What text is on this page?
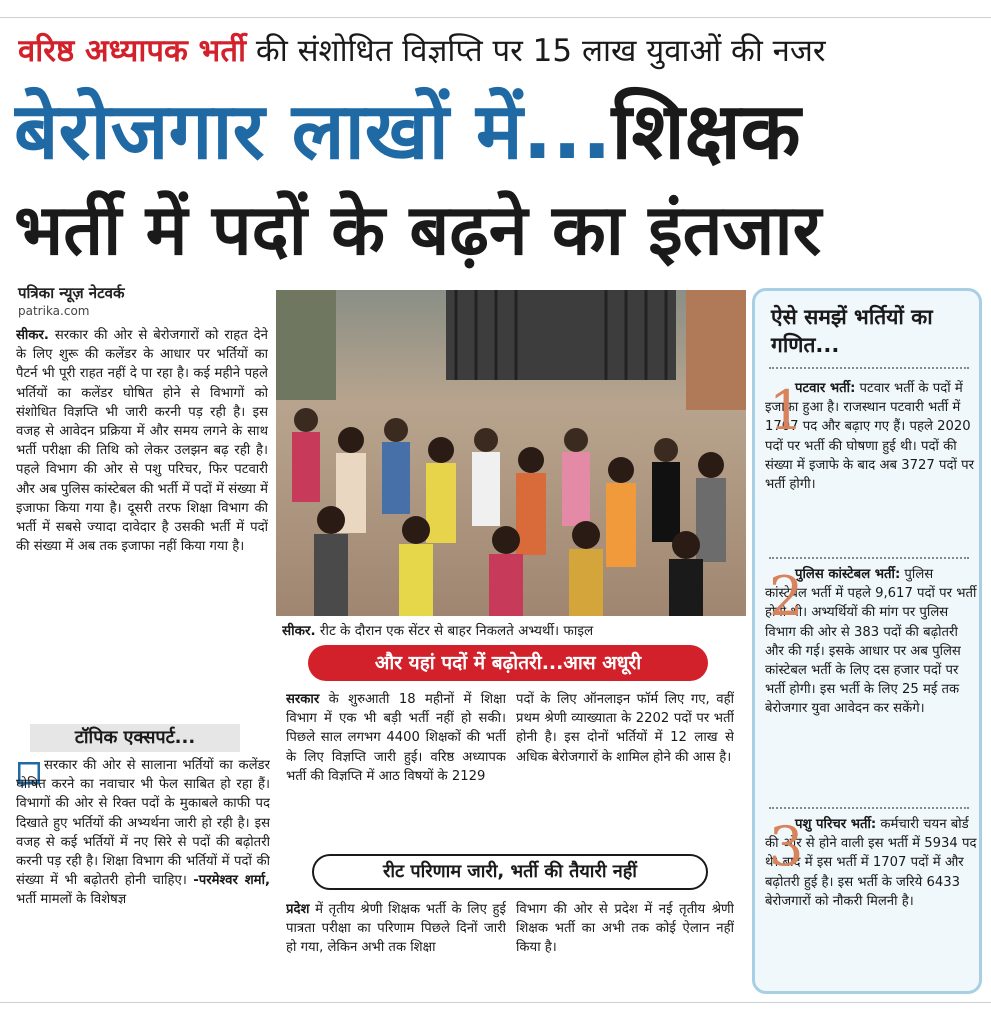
वरिष्ठ अध्यापक भर्ती की संशोधित विज्ञप्ति पर 15 लाख युवाओं की नजर
बेरोजगार लाखों में...शिक्षक
भर्ती में पदों के बढ़ने का इंतजार
पत्रिका न्यूज़ नेटवर्क
patrika.com
सीकर. सरकार की ओर से बेरोजगारों को राहत देने के लिए शुरू की कलेंडर के आधार पर भर्तियों का पैटर्न भी पूरी राहत नहीं दे पा रहा है। कई महीने पहले भर्तियों का कलेंडर घोषित होने से विभागों को संशोधित विज्ञप्ति भी जारी करनी पड़ रही है। इस वजह से आवेदन प्रक्रिया में और समय लगने के साथ भर्ती परीक्षा की तिथि को लेकर उलझन बढ़ रही है। पहले विभाग की ओर से पशु परिचर, फिर पटवारी और अब पुलिस कांस्टेबल की भर्ती में पदों में संख्या में इजाफा किया गया है। दूसरी तरफ शिक्षा विभाग की भर्ती में सबसे ज्यादा दावेदार है उसकी भर्ती में पदों की संख्या में अब तक इजाफा नहीं किया गया है।
टॉपिक एक्सपर्ट...
सरकार की ओर से सालाना भर्तियों का कलेंडर घोषित करने का नवाचार भी फेल साबित हो रहा हैं। विभागों की ओर से रिक्त पदों के मुकाबले काफी पद दिखाते हुए भर्तियों की अभ्यर्थना जारी हो रही है। इस वजह से कई भर्तियों में नए सिरे से पदों की बढ़ोतरी करनी पड़ रही है। शिक्षा विभाग की भर्तियों में पदों की संख्या में भी बढ़ोतरी होनी चाहिए। -परमेश्वर शर्मा, भर्ती मामलों के विशेषज्ञ
सीकर. रीट के दौरान एक सेंटर से बाहर निकलते अभ्यर्थी। फाइल
और यहां पदों में बढ़ोतरी...आस अधूरी
सरकार के शुरुआती 18 महीनों में शिक्षा विभाग में एक भी बड़ी भर्ती नहीं हो सकी। पिछले साल लगभग 4400 शिक्षकों की भर्ती के लिए विज्ञप्ति जारी हुई। वरिष्ठ अध्यापक भर्ती की विज्ञप्ति में आठ विषयों के 2129
पदों के लिए ऑनलाइन फॉर्म लिए गए, वहीं प्रथम श्रेणी व्याख्याता के 2202 पदों पर भर्ती होनी है। इस दोनों भर्तियों में 12 लाख से अधिक बेरोजगारों के शामिल होने की आस है।
रीट परिणाम जारी, भर्ती की तैयारी नहीं
प्रदेश में तृतीय श्रेणी शिक्षक भर्ती के लिए हुई पात्रता परीक्षा का परिणाम पिछले दिनों जारी हो गया, लेकिन अभी तक शिक्षा
विभाग की ओर से प्रदेश में नई तृतीय श्रेणी शिक्षक भर्ती का अभी तक कोई ऐलान नहीं किया है।
ऐसे समझें भर्तियों का गणित...
1
पटवार भर्ती: पटवार भर्ती के पदों में इजाफा हुआ है। राजस्थान पटवारी भर्ती में 1707 पद और बढ़ाए गए हैं। पहले 2020 पदों पर भर्ती की घोषणा हुई थी। पदों की संख्या में इजाफे के बाद अब 3727 पदों पर भर्ती होगी।
2
पुलिस कांस्टेबल भर्ती: पुलिस कांस्टेबल भर्ती में पहले 9,617 पदों पर भर्ती होनी थी। अभ्यर्थियों की मांग पर पुलिस विभाग की ओर से 383 पदों की बढ़ोतरी और की गई। इसके आधार पर अब पुलिस कांस्टेबल भर्ती के लिए दस हजार पदों पर भर्ती होगी। इस भर्ती के लिए 25 मई तक बेरोजगार युवा आवेदन कर सकेंगे।
3
पशु परिचर भर्ती: कर्मचारी चयन बोर्ड की ओर से होने वाली इस भर्ती में 5934 पद थे। बाद में इस भर्ती में 1707 पदों में और बढ़ोतरी हुई है। इस भर्ती के जरिये 6433 बेरोजगारों को नौकरी मिलनी है।
